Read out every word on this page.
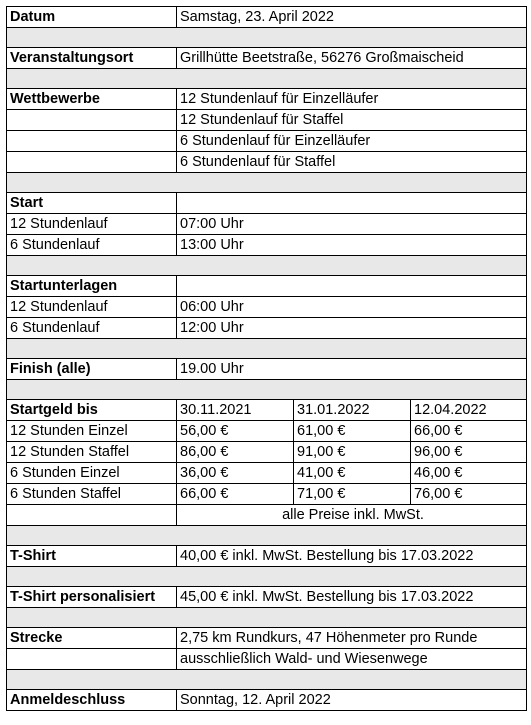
Datum	Samstag, 23. April 2022		

Veranstaltungsort	Grillhütte Beetstraße, 56276 Großmaischeid		

Wettbewerbe	12 Stundenlauf für Einzelläufer		
	12 Stundenlauf für Staffel		
	6 Stundenlauf für Einzelläufer		
	6 Stundenlauf für Staffel		

Start			
12 Stundenlauf	07:00 Uhr		
6 Stundenlauf	13:00 Uhr		

Startunterlagen			
12 Stundenlauf	06:00 Uhr		
6 Stundenlauf	12:00 Uhr		

Finish (alle)	19.00 Uhr		

Startgeld bis	30.11.2021	31.01.2022	12.04.2022
12 Stunden Einzel	56,00 €	61,00 €	66,00 €
12 Stunden Staffel	86,00 €	91,00 €	96,00 €
6 Stunden Einzel	36,00 €	41,00 €	46,00 €
6 Stunden Staffel	66,00 €	71,00 €	76,00 €
	alle Preise inkl. MwSt.		

T-Shirt	40,00 € inkl. MwSt. Bestellung bis 17.03.2022		

T-Shirt personalisiert	45,00 € inkl. MwSt. Bestellung bis 17.03.2022		

Strecke	2,75 km Rundkurs, 47 Höhenmeter pro Runde		
	ausschließlich Wald- und Wiesenwege		

Anmeldeschluss	Sonntag, 12. April 2022		
